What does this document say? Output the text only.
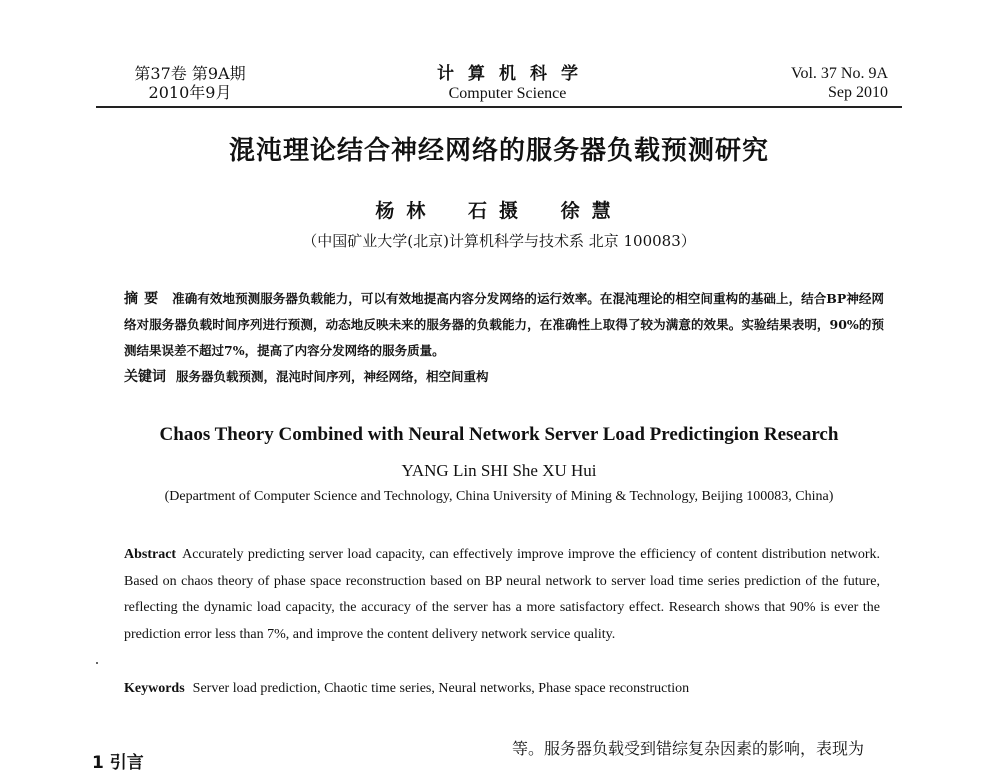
第37卷 第9A期
2010年9月
计算机科学
Computer Science
Vol. 37 No. 9A
Sep 2010
混沌理论结合神经网络的服务器负载预测研究
杨林 石摄 徐慧
（中国矿业大学(北京)计算机科学与技术系 北京 100083）
摘要 准确有效地预测服务器负载能力，可以有效地提高内容分发网络的运行效率。在混沌理论的相空间重构的基础上，结合BP神经网络对服务器负载时间序列进行预测，动态地反映未来的服务器的负载能力，在准确性上取得了较为满意的效果。实验结果表明，90%的预测结果误差不超过7%，提高了内容分发网络的服务质量。
关键词 服务器负载预测，混沌时间序列，神经网络，相空间重构
Chaos Theory Combined with Neural Network Server Load Predictingion Research
YANG Lin SHI She XU Hui
(Department of Computer Science and Technology, China University of Mining & Technology, Beijing 100083, China)
Abstract Accurately predicting server load capacity, can effectively improve improve the efficiency of content distribution network. Based on chaos theory of phase space reconstruction based on BP neural network to server load time series prediction of the future, reflecting the dynamic load capacity, the accuracy of the server has a more satisfactory effect. Research shows that 90% is ever the prediction error less than 7%, and improve the content delivery network service quality.
Keywords Server load prediction, Chaotic time series, Neural networks, Phase space reconstruction
等。服务器负载受到错综复杂因素的影响，表现为
1 引言
